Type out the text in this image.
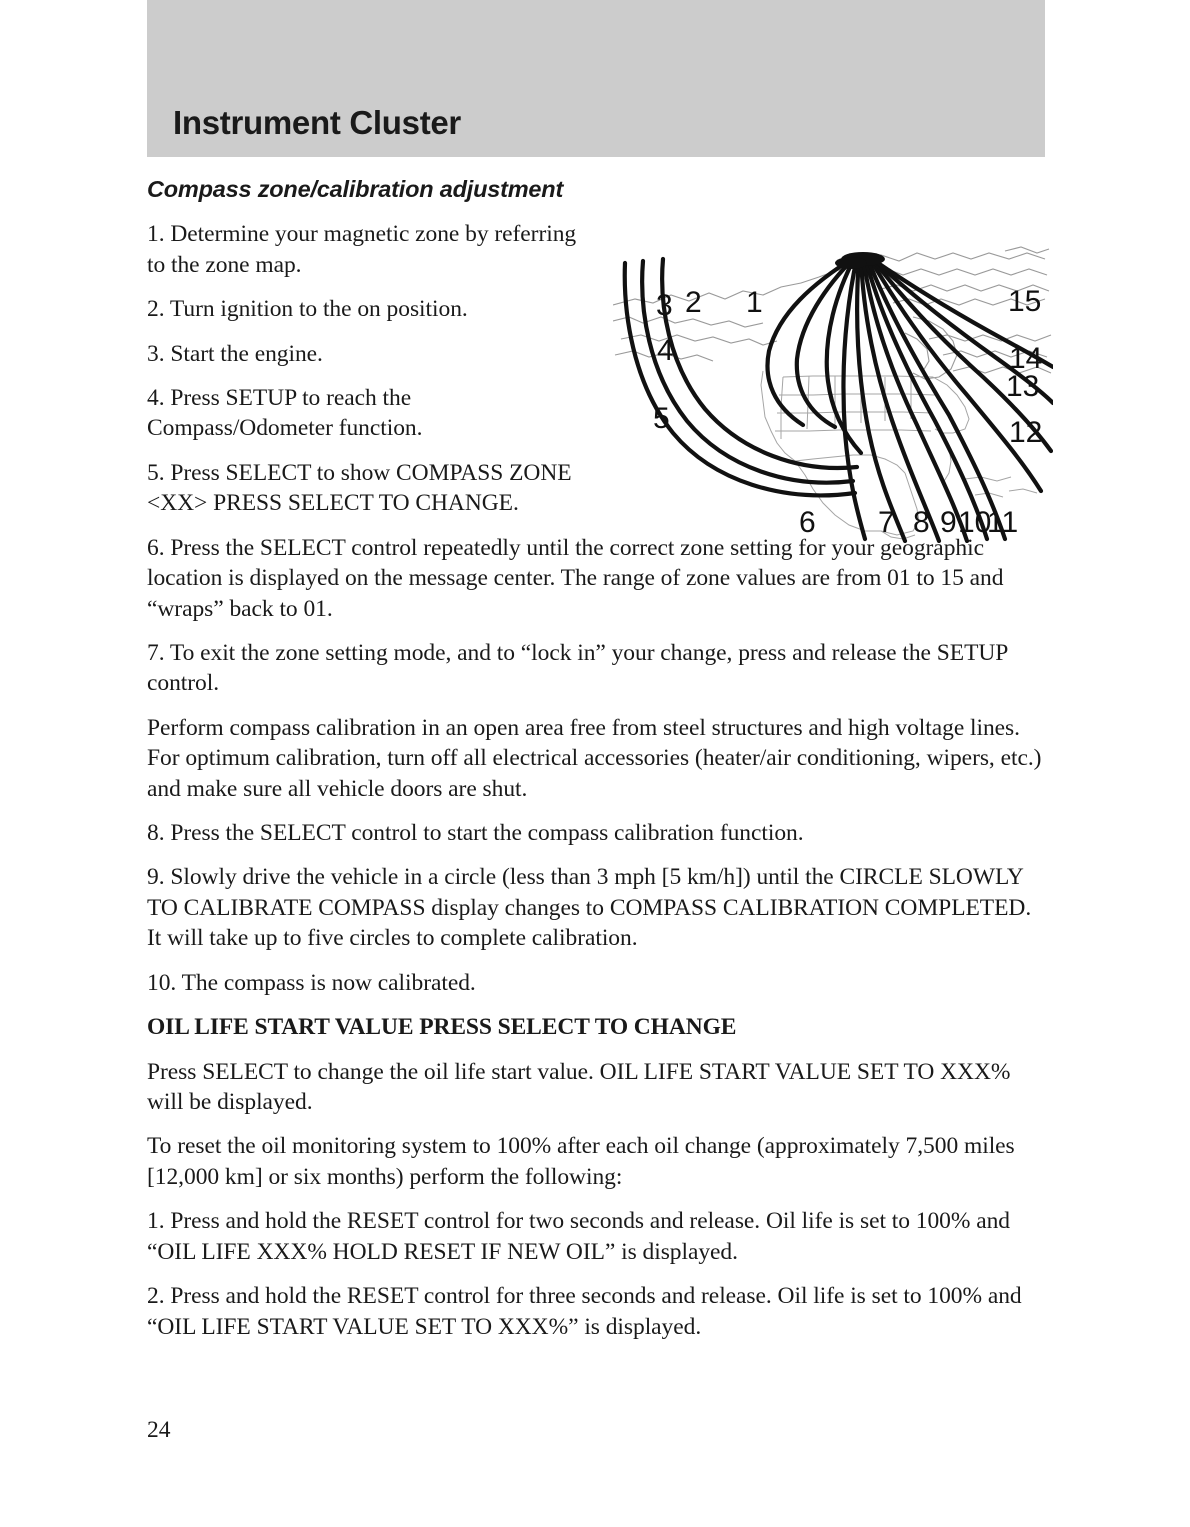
Instrument Cluster
3 2 1	15
4	14
13
5	12
6 7 8 9 10
11
Compass zone/calibration adjustment

1. Determine your magnetic zone by referring to the zone map.

2. Turn ignition to the on position.

3. Start the engine.

4. Press SETUP to reach the Compass/Odometer function.

5. Press SELECT to show COMPASS ZONE <XX> PRESS SELECT TO CHANGE.

6. Press the SELECT control repeatedly until the correct zone setting for your geographic location is displayed on the message center. The range of zone values are from 01 to 15 and “wraps” back to 01.

7. To exit the zone setting mode, and to “lock in” your change, press and release the SETUP control.

Perform compass calibration in an open area free from steel structures and high voltage lines. For optimum calibration, turn off all electrical accessories (heater/air conditioning, wipers, etc.) and make sure all vehicle doors are shut.

8. Press the SELECT control to start the compass calibration function.

9. Slowly drive the vehicle in a circle (less than 3 mph [5 km/h]) until the CIRCLE SLOWLY TO CALIBRATE COMPASS display changes to COMPASS CALIBRATION COMPLETED. It will take up to five circles to complete calibration.

10. The compass is now calibrated.

OIL LIFE START VALUE PRESS SELECT TO CHANGE

Press SELECT to change the oil life start value. OIL LIFE START VALUE SET TO XXX% will be displayed.

To reset the oil monitoring system to 100% after each oil change (approximately 7,500 miles [12,000 km] or six months) perform the following:

1. Press and hold the RESET control for two seconds and release. Oil life is set to 100% and “OIL LIFE XXX% HOLD RESET IF NEW OIL” is displayed.

2. Press and hold the RESET control for three seconds and release. Oil life is set to 100% and “OIL LIFE START VALUE SET TO XXX%” is displayed.

24
